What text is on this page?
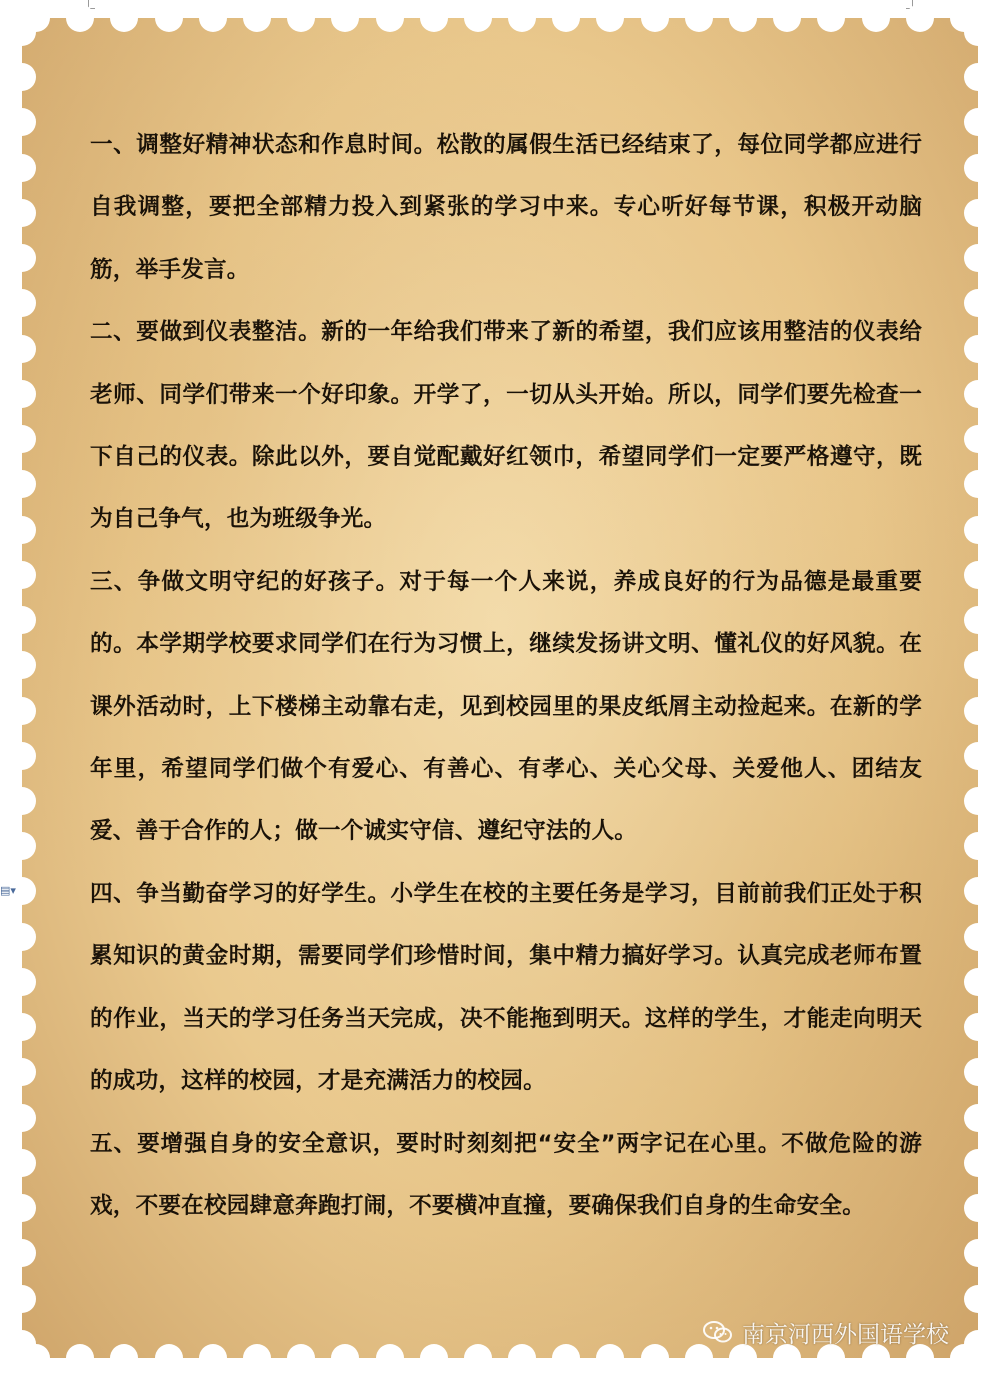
一、调整好精神状态和作息时间。松散的属假生活已经结束了，每位同学都应进行自我调整，要把全部精力投入到紧张的学习中来。专心听好每节课，积极开动脑筋，举手发言。

二、要做到仪表整洁。新的一年给我们带来了新的希望，我们应该用整洁的仪表给老师、同学们带来一个好印象。开学了，一切从头开始。所以，同学们要先检查一下自己的仪表。除此以外，要自觉配戴好红领巾，希望同学们一定要严格遵守，既为自己争气，也为班级争光。

三、争做文明守纪的好孩子。对于每一个人来说，养成良好的行为品德是最重要的。本学期学校要求同学们在行为习惯上，继续发扬讲文明、懂礼仪的好风貌。在课外活动时，上下楼梯主动靠右走，见到校园里的果皮纸屑主动捡起来。在新的学年里，希望同学们做个有爱心、有善心、有孝心、关心父母、关爱他人、团结友爱、善于合作的人；做一个诚实守信、遵纪守法的人。

四、争当勤奋学习的好学生。小学生在校的主要任务是学习，目前前我们正处于积累知识的黄金时期，需要同学们珍惜时间，集中精力搞好学习。认真完成老师布置的作业，当天的学习任务当天完成，决不能拖到明天。这样的学生，才能走向明天的成功，这样的校园，才是充满活力的校园。

五、要增强自身的安全意识，要时时刻刻把“安全”两字记在心里。不做危险的游戏，不要在校园肆意奔跑打闹，不要横冲直撞，要确保我们自身的生命安全。

▤▾
南京河西外国语学校
